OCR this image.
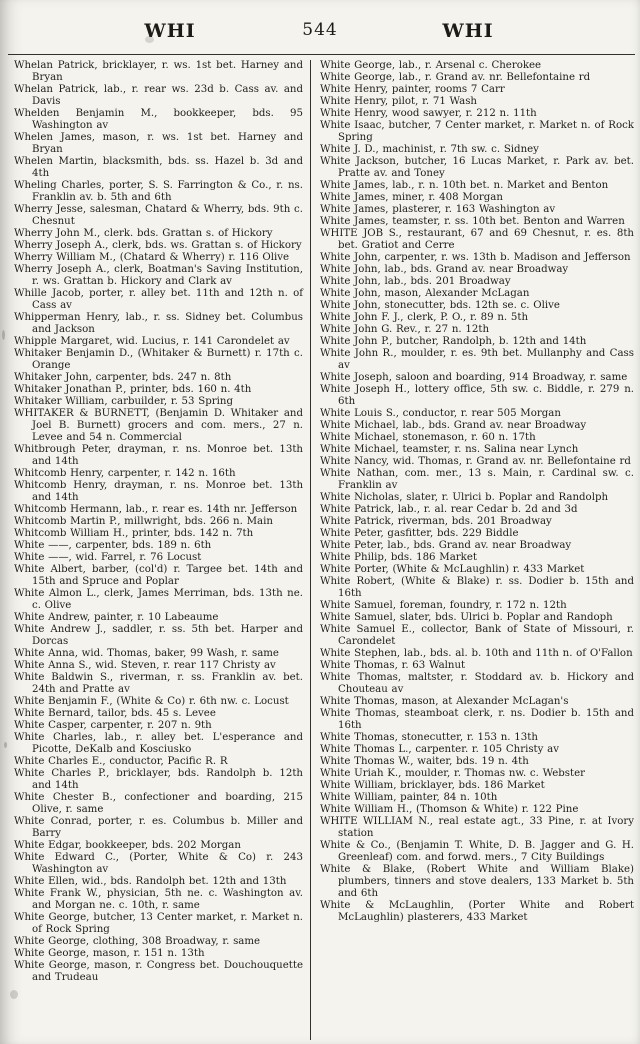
WHI	544	WHI
Whelan Patrick, bricklayer, r. ws. 1st bet. Harney and Bryan
Whelan Patrick, lab., r. rear ws. 23d b. Cass av. and Davis
Whelden Benjamin M., bookkeeper, bds. 95 Washington av
Whelen James, mason, r. ws. 1st bet. Harney and Bryan
Whelen Martin, blacksmith, bds. ss. Hazel b. 3d and 4th
Wheling Charles, porter, S. S. Farrington & Co., r. ns. Franklin av. b. 5th and 6th
Wherry Jesse, salesman, Chatard & Wherry, bds. 9th c. Chesnut
Wherry John M., clerk. bds. Grattan s. of Hickory
Wherry Joseph A., clerk, bds. ws. Grattan s. of Hickory
Wherry William M., (Chatard & Wherry) r. 116 Olive
Wherry Joseph A., clerk, Boatman's Saving Institution, r. ws. Grattan b. Hickory and Clark av
Whille Jacob, porter, r. alley bet. 11th and 12th n. of Cass av
Whipperman Henry, lab., r. ss. Sidney bet. Columbus and Jackson
Whipple Margaret, wid. Lucius, r. 141 Carondelet av
Whitaker Benjamin D., (Whitaker & Burnett) r. 17th c. Orange
Whitaker John, carpenter, bds. 247 n. 8th
Whitaker Jonathan P., printer, bds. 160 n. 4th
Whitaker William, carbuilder, r. 53 Spring
WHITAKER & BURNETT, (Benjamin D. Whitaker and Joel B. Burnett) grocers and com. mers., 27 n. Levee and 54 n. Commercial
Whitbrough Peter, drayman, r. ns. Monroe bet. 13th and 14th
Whitcomb Henry, carpenter, r. 142 n. 16th
Whitcomb Henry, drayman, r. ns. Monroe bet. 13th and 14th
Whitcomb Hermann, lab., r. rear es. 14th nr. Jefferson
Whitcomb Martin P., millwright, bds. 266 n. Main
Whitcomb William H., printer, bds. 142 n. 7th
White ——, carpenter, bds. 189 n. 6th
White ——, wid. Farrel, r. 76 Locust
White Albert, barber, (col'd) r. Targee bet. 14th and 15th and Spruce and Poplar
White Almon L., clerk, James Merriman, bds. 13th ne. c. Olive
White Andrew, painter, r. 10 Labeaume
White Andrew J., saddler, r. ss. 5th bet. Harper and Dorcas
White Anna, wid. Thomas, baker, 99 Wash, r. same
White Anna S., wid. Steven, r. rear 117 Christy av
White Baldwin S., riverman, r. ss. Franklin av. bet. 24th and Pratte av
White Benjamin F., (White & Co) r. 6th nw. c. Locust
White Bernard, tailor, bds. 45 s. Levee
White Casper, carpenter, r. 207 n. 9th
White Charles, lab., r. alley bet. L'esperance and Picotte, DeKalb and Kosciusko
White Charles E., conductor, Pacific R. R
White Charles P., bricklayer, bds. Randolph b. 12th and 14th
White Chester B., confectioner and boarding, 215 Olive, r. same
White Conrad, porter, r. es. Columbus b. Miller and Barry
White Edgar, bookkeeper, bds. 202 Morgan
White Edward C., (Porter, White & Co) r. 243 Washington av
White Ellen, wid., bds. Randolph bet. 12th and 13th
White Frank W., physician, 5th ne. c. Washington av. and Morgan ne. c. 10th, r. same
White George, butcher, 13 Center market, r. Market n. of Rock Spring
White George, clothing, 308 Broadway, r. same
White George, mason, r. 151 n. 13th
White George, mason, r. Congress bet. Douchouquette and Trudeau
White George, lab., r. Arsenal c. Cherokee
White George, lab., r. Grand av. nr. Bellefontaine rd
White Henry, painter, rooms 7 Carr
White Henry, pilot, r. 71 Wash
White Henry, wood sawyer, r. 212 n. 11th
White Isaac, butcher, 7 Center market, r. Market n. of Rock Spring
White J. D., machinist, r. 7th sw. c. Sidney
White Jackson, butcher, 16 Lucas Market, r. Park av. bet. Pratte av. and Toney
White James, lab., r. n. 10th bet. n. Market and Benton
White James, miner, r. 408 Morgan
White James, plasterer, r. 163 Washington av
White James, teamster, r. ss. 10th bet. Benton and Warren
WHITE JOB S., restaurant, 67 and 69 Chesnut, r. es. 8th bet. Gratiot and Cerre
White John, carpenter, r. ws. 13th b. Madison and Jefferson
White John, lab., bds. Grand av. near Broadway
White John, lab., bds. 201 Broadway
White John, mason, Alexander McLagan
White John, stonecutter, bds. 12th se. c. Olive
White John F. J., clerk, P. O., r. 89 n. 5th
White John G. Rev., r. 27 n. 12th
White John P., butcher, Randolph, b. 12th and 14th
White John R., moulder, r. es. 9th bet. Mullanphy and Cass av
White Joseph, saloon and boarding, 914 Broadway, r. same
White Joseph H., lottery office, 5th sw. c. Biddle, r. 279 n. 6th
White Louis S., conductor, r. rear 505 Morgan
White Michael, lab., bds. Grand av. near Broadway
White Michael, stonemason, r. 60 n. 17th
White Michael, teamster, r. ns. Salina near Lynch
White Nancy, wid. Thomas, r. Grand av. nr. Bellefontaine rd
White Nathan, com. mer., 13 s. Main, r. Cardinal sw. c. Franklin av
White Nicholas, slater, r. Ulrici b. Poplar and Randolph
White Patrick, lab., r. al. rear Cedar b. 2d and 3d
White Patrick, riverman, bds. 201 Broadway
White Peter, gasfitter, bds. 229 Biddle
White Peter, lab., bds. Grand av. near Broadway
White Philip, bds. 186 Market
White Porter, (White & McLaughlin) r. 433 Market
White Robert, (White & Blake) r. ss. Dodier b. 15th and 16th
White Samuel, foreman, foundry, r. 172 n. 12th
White Samuel, slater, bds. Ulrici b. Poplar and Randoph
White Samuel E., collector, Bank of State of Missouri, r. Carondelet
White Stephen, lab., bds. al. b. 10th and 11th n. of O'Fallon
White Thomas, r. 63 Walnut
White Thomas, maltster, r. Stoddard av. b. Hickory and Chouteau av
White Thomas, mason, at Alexander McLagan's
White Thomas, steamboat clerk, r. ns. Dodier b. 15th and 16th
White Thomas, stonecutter, r. 153 n. 13th
White Thomas L., carpenter. r. 105 Christy av
White Thomas W., waiter, bds. 19 n. 4th
White Uriah K., moulder, r. Thomas nw. c. Webster
White William, bricklayer, bds. 186 Market
White William, painter, 84 n. 10th
White William H., (Thomson & White) r. 122 Pine
WHITE WILLIAM N., real estate agt., 33 Pine, r. at Ivory station
White & Co., (Benjamin T. White, D. B. Jagger and G. H. Greenleaf) com. and forwd. mers., 7 City Buildings
White & Blake, (Robert White and William Blake) plumbers, tinners and stove dealers, 133 Market b. 5th and 6th
White & McLaughlin, (Porter White and Robert McLaughlin) plasterers, 433 Market
